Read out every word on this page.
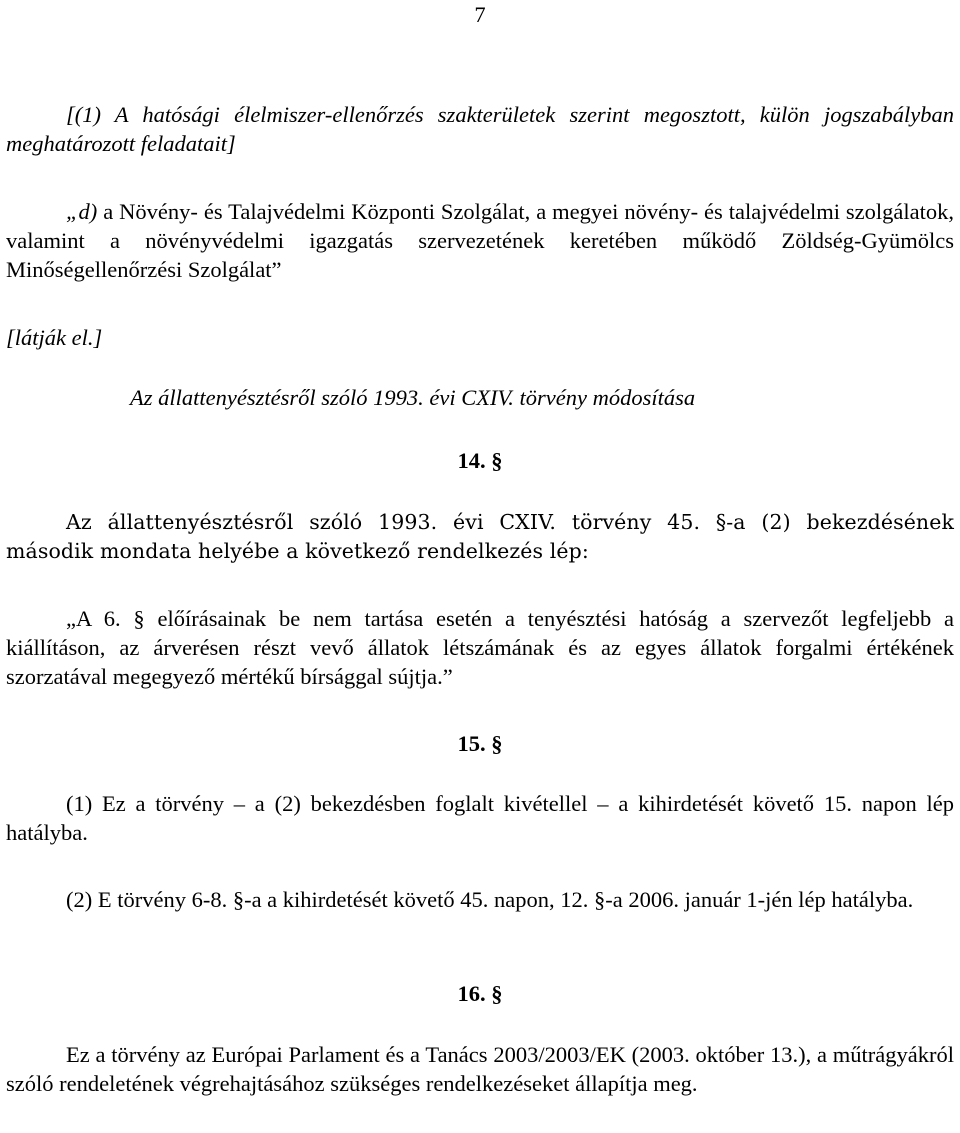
7

[(1) A hatósági élelmiszer-ellenőrzés szakterületek szerint megosztott, külön jogszabályban meghatározott feladatait]

„d) a Növény- és Talajvédelmi Központi Szolgálat, a megyei növény- és talajvédelmi szolgálatok, valamint a növényvédelmi igazgatás szervezetének keretében működő Zöldség-Gyümölcs Minőségellenőrzési Szolgálat”

[látják el.]

Az állattenyésztésről szóló 1993. évi CXIV. törvény módosítása

14. §

Az állattenyésztésről szóló 1993. évi CXIV. törvény 45. §-a (2) bekezdésének második mondata helyébe a következő rendelkezés lép:

„A 6. § előírásainak be nem tartása esetén a tenyésztési hatóság a szervezőt legfeljebb a kiállításon, az árverésen részt vevő állatok létszámának és az egyes állatok forgalmi értékének szorzatával megegyező mértékű bírsággal sújtja.”

15. §

(1) Ez a törvény – a (2) bekezdésben foglalt kivétellel – a kihirdetését követő 15. napon lép hatályba.

(2) E törvény 6-8. §-a a kihirdetését követő 45. napon, 12. §-a 2006. január 1-jén lép hatályba.

16. §

Ez a törvény az Európai Parlament és a Tanács 2003/2003/EK (2003. október 13.), a műtrágyákról szóló rendeletének végrehajtásához szükséges rendelkezéseket állapítja meg.
